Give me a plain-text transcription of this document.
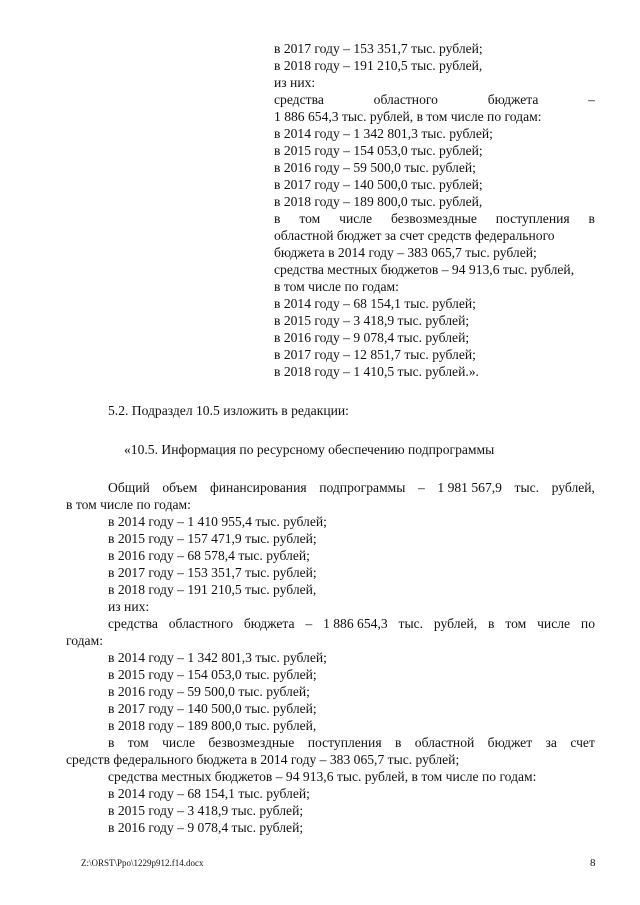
в 2017 году – 153 351,7 тыс. рублей;
в 2018 году – 191 210,5 тыс. рублей,
из них:
средства	областного	бюджета	–
1 886 654,3 тыс. рублей, в том числе по годам:
в 2014 году – 1 342 801,3 тыс. рублей;
в 2015 году – 154 053,0 тыс. рублей;
в 2016 году – 59 500,0 тыс. рублей;
в 2017 году – 140 500,0 тыс. рублей;
в 2018 году – 189 800,0 тыс. рублей,
в том числе безвозмездные поступления в
областной бюджет за счет средств федерального
бюджета в 2014 году – 383 065,7 тыс. рублей;
средства местных бюджетов – 94 913,6 тыс. рублей,
в том числе по годам:
в 2014 году – 68 154,1 тыс. рублей;
в 2015 году – 3 418,9 тыс. рублей;
в 2016 году – 9 078,4 тыс. рублей;
в 2017 году – 12 851,7 тыс. рублей;
в 2018 году – 1 410,5 тыс. рублей.».
5.2. Подраздел 10.5 изложить в редакции:
«10.5. Информация по ресурсному обеспечению подпрограммы
Общий объем финансирования подпрограммы – 1 981 567,9 тыс. рублей,
в том числе по годам:
в 2014 году – 1 410 955,4 тыс. рублей;
в 2015 году – 157 471,9 тыс. рублей;
в 2016 году – 68 578,4 тыс. рублей;
в 2017 году – 153 351,7 тыс. рублей;
в 2018 году – 191 210,5 тыс. рублей,
из них:
средства областного бюджета – 1 886 654,3 тыс. рублей, в том числе по
годам:
в 2014 году – 1 342 801,3 тыс. рублей;
в 2015 году – 154 053,0 тыс. рублей;
в 2016 году – 59 500,0 тыс. рублей;
в 2017 году – 140 500,0 тыс. рублей;
в 2018 году – 189 800,0 тыс. рублей,
в том числе безвозмездные поступления в областной бюджет за счет
средств федерального бюджета в 2014 году – 383 065,7 тыс. рублей;
средства местных бюджетов – 94 913,6 тыс. рублей, в том числе по годам:
в 2014 году – 68 154,1 тыс. рублей;
в 2015 году – 3 418,9 тыс. рублей;
в 2016 году – 9 078,4 тыс. рублей;
Z:\ORST\Ppo\1229p912.f14.docx	8
